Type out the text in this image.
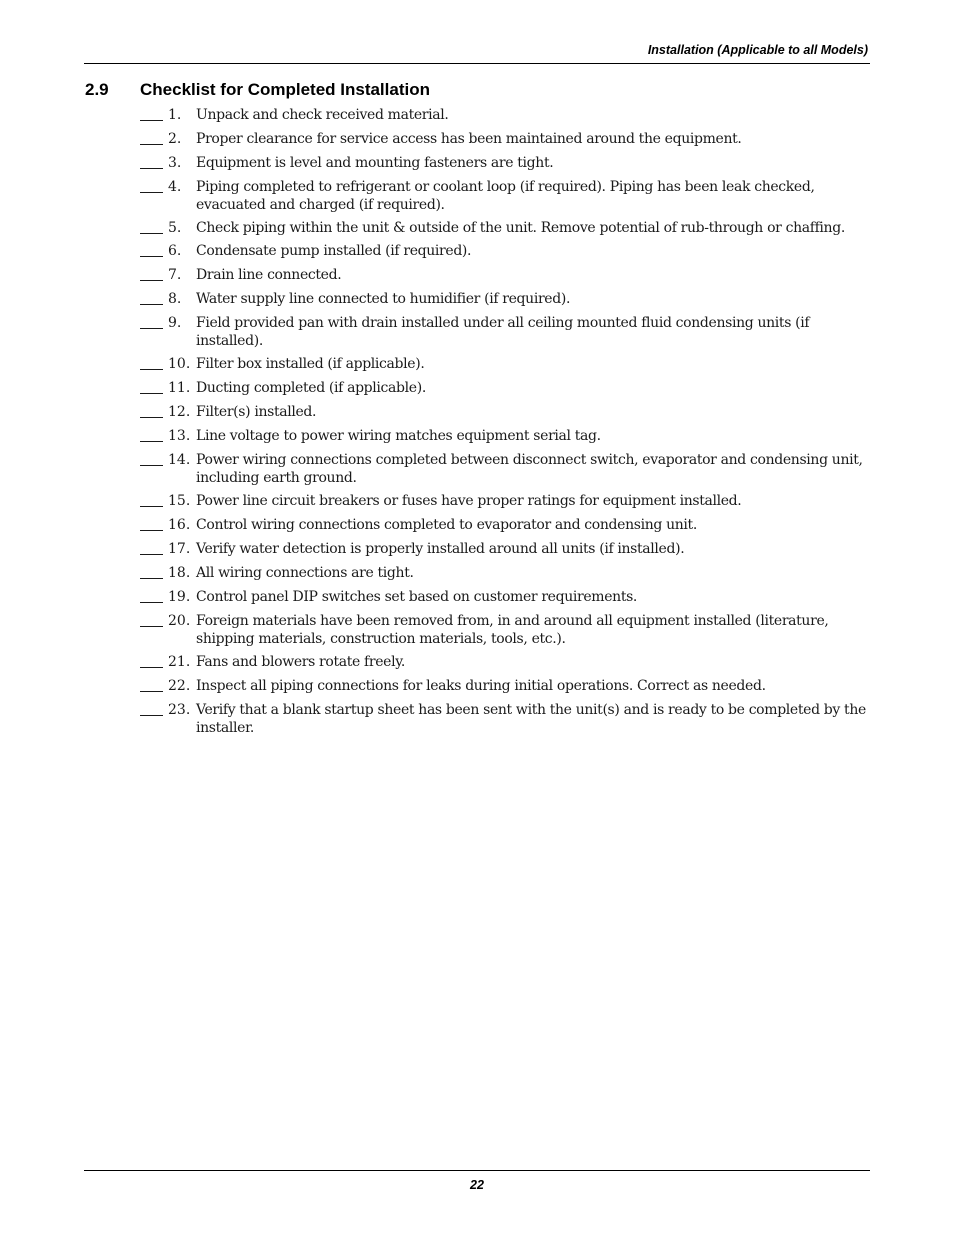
Installation (Applicable to all Models)
2.9 Checklist for Completed Installation
1.	Unpack and check received material.
2.	Proper clearance for service access has been maintained around the equipment.
3.	Equipment is level and mounting fasteners are tight.
4.	Piping completed to refrigerant or coolant loop (if required). Piping has been leak checked, evacuated and charged (if required).
5.	Check piping within the unit & outside of the unit. Remove potential of rub-through or chaffing.
6.	Condensate pump installed (if required).
7.	Drain line connected.
8.	Water supply line connected to humidifier (if required).
9.	Field provided pan with drain installed under all ceiling mounted fluid condensing units (if installed).
10. Filter box installed (if applicable).
11. Ducting completed (if applicable).
12. Filter(s) installed.
13. Line voltage to power wiring matches equipment serial tag.
14. Power wiring connections completed between disconnect switch, evaporator and condensing unit, including earth ground.
15. Power line circuit breakers or fuses have proper ratings for equipment installed.
16. Control wiring connections completed to evaporator and condensing unit.
17. Verify water detection is properly installed around all units (if installed).
18. All wiring connections are tight.
19. Control panel DIP switches set based on customer requirements.
20. Foreign materials have been removed from, in and around all equipment installed (literature, shipping materials, construction materials, tools, etc.).
21. Fans and blowers rotate freely.
22. Inspect all piping connections for leaks during initial operations. Correct as needed.
23. Verify that a blank startup sheet has been sent with the unit(s) and is ready to be completed by the installer.
22
